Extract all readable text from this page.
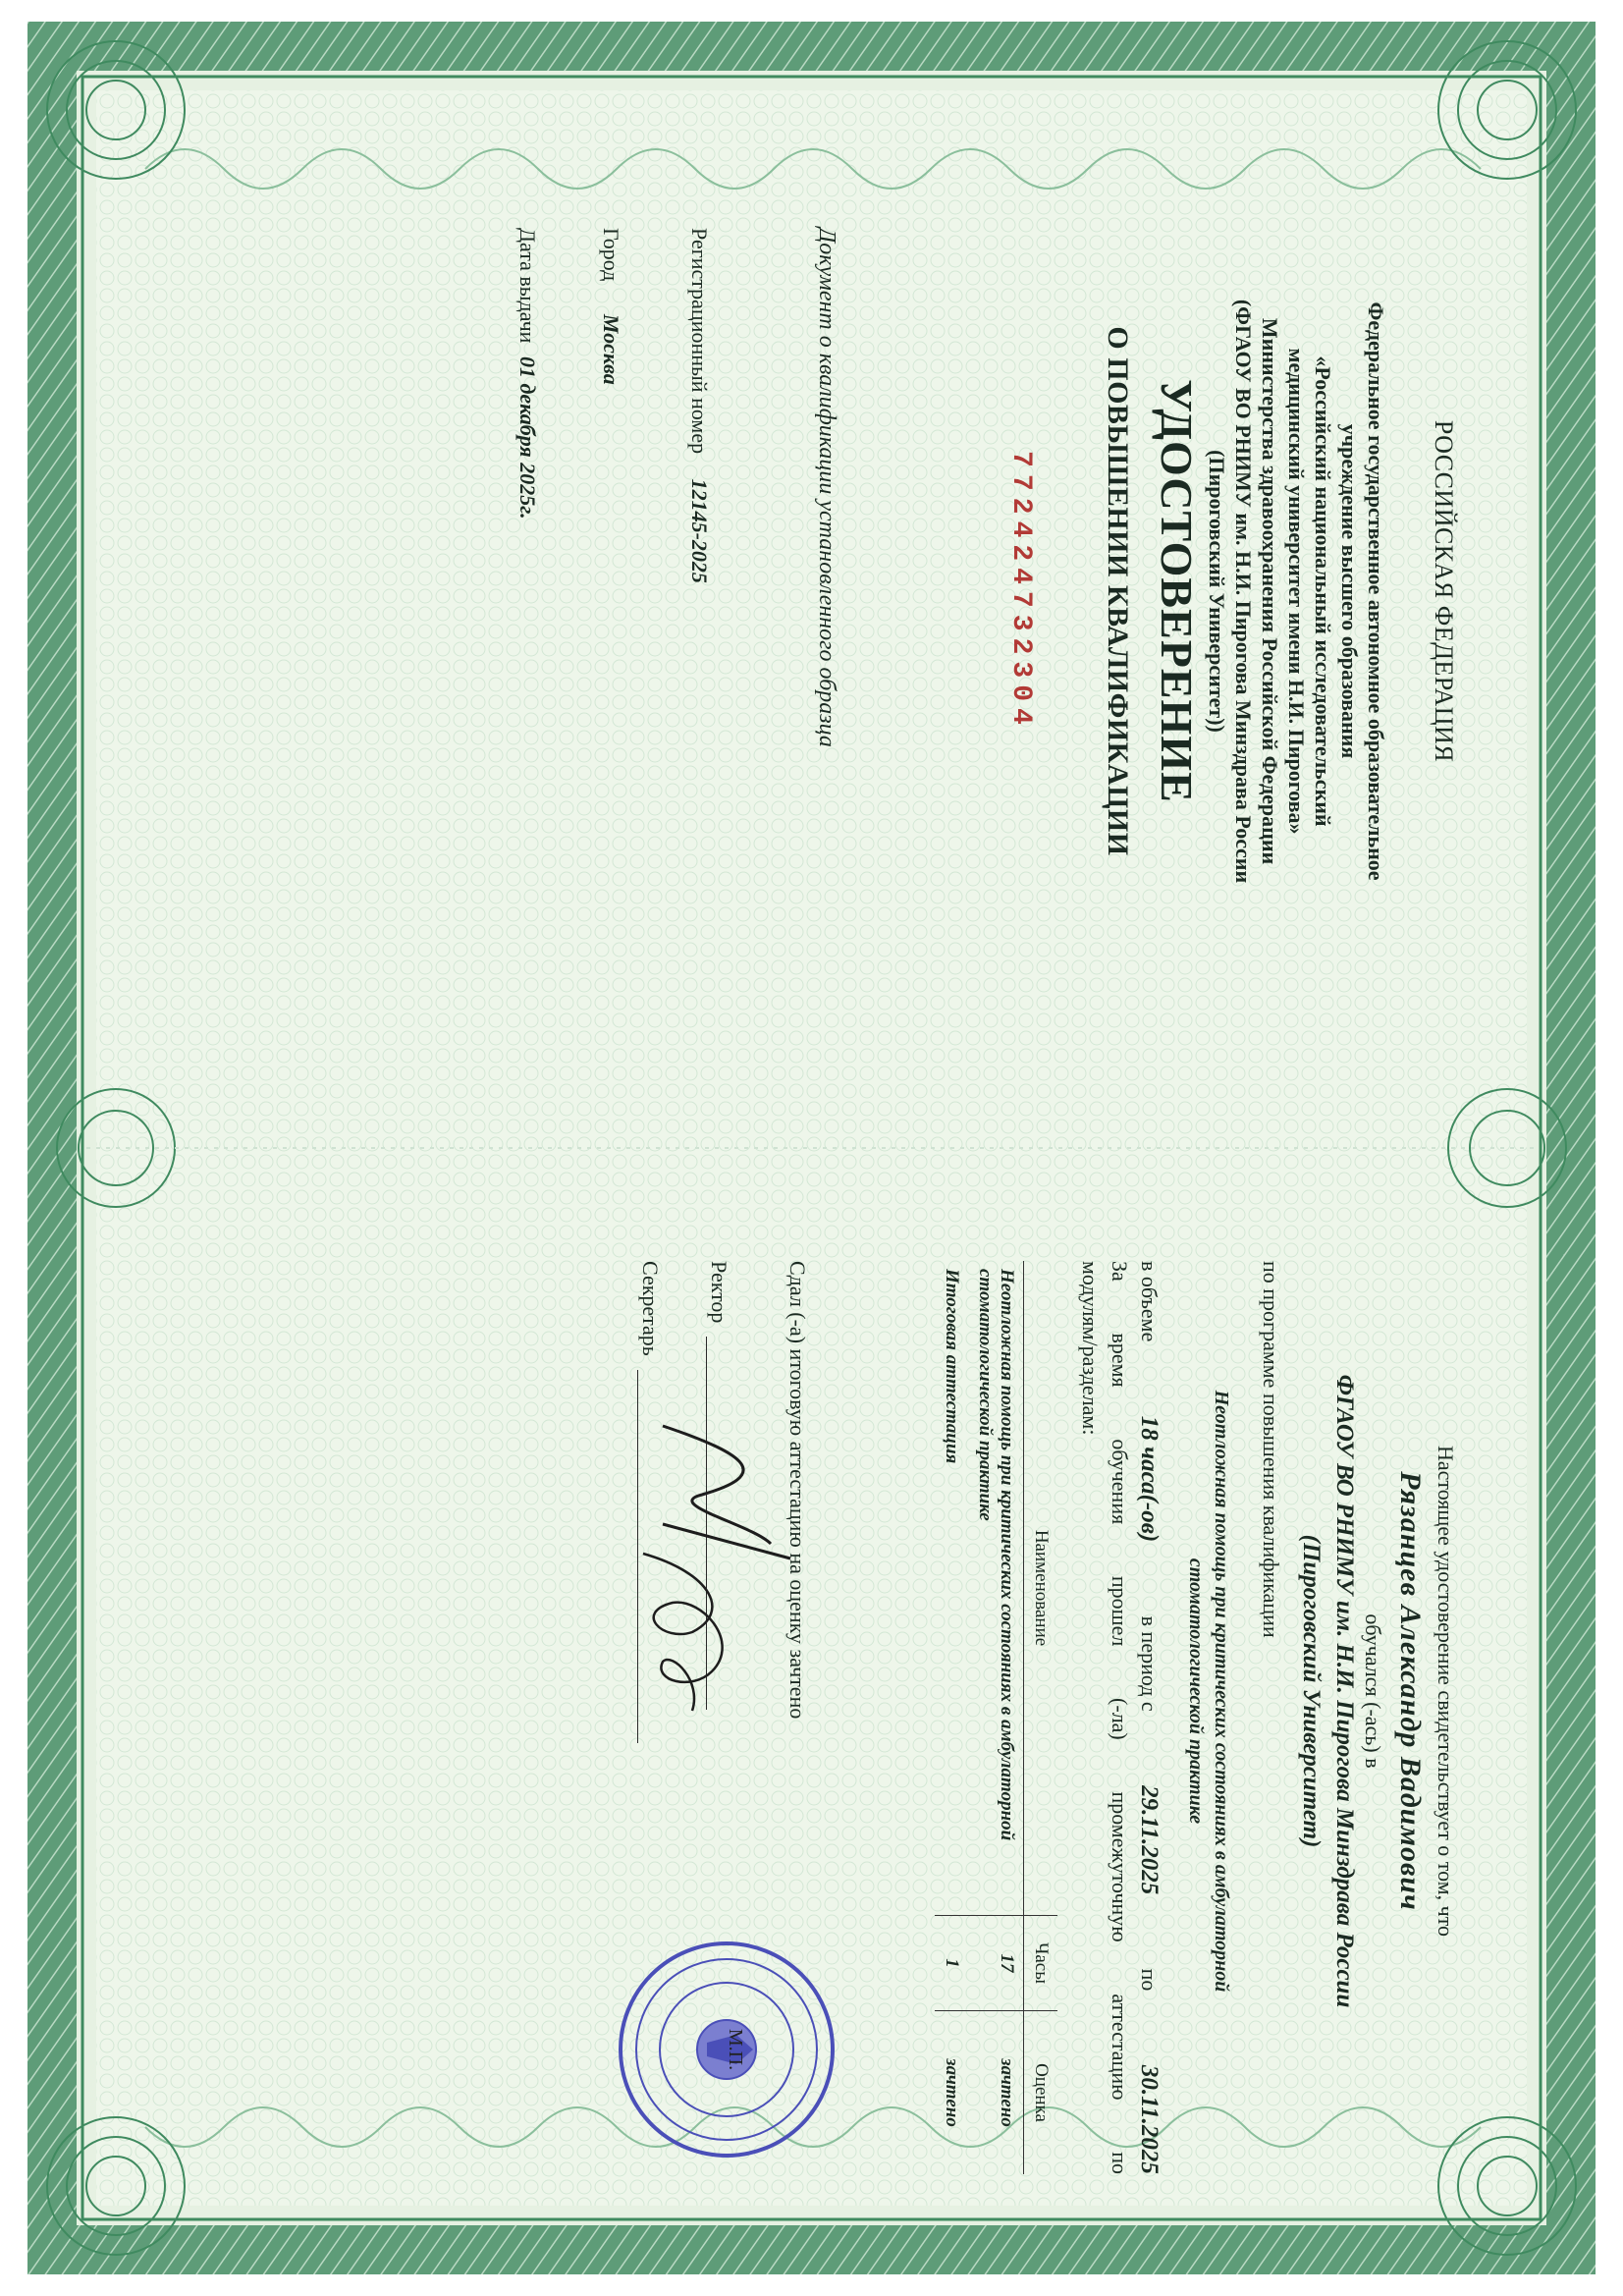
РОССИЙСКАЯ ФЕДЕРАЦИЯ
Федеральное государственное автономное образовательное
учреждение высшего образования
«Российский национальный исследовательский
медицинский университет имени Н.И. Пирогова»
Министерства здравоохранения Российской Федерации
(ФГАОУ ВО РНИМУ им. Н.И. Пирогова Минздрава России
(Пироговский Университет))
УДОСТОВЕРЕНИЕ
О ПОВЫШЕНИИ КВАЛИФИКАЦИИ
772424732304
Документ о квалификации установленного образца
Регистрационный номер 12145-2025
Город Москва
Дата выдачи 01 декабря 2025г.
Настоящее удостоверение свидетельствует о том, что
Рязанцев Александр Вадимович
обучался (-ась) в
ФГАОУ ВО РНИМУ им. Н.И. Пирогова Минздрава России
(Пироговский Университет)
по программе повышения квалификации
Неотложная помощь при критических состояниях в амбулаторной
стоматологической практике
в объеме
18 часа(-ов)
в период с
29.11.2025
по
30.11.2025
За время обучения прошел (-ла) промежуточную аттестацию по
модулям/разделам:
Наименование	Часы	Оценка
Неотложная помощь при критических состояниях в амбулаторной стоматологической практике	17	зачтено
Итоговая аттестация	1	зачтено
Сдал (-а) итоговую аттестацию на оценку зачтено
Ректор
Секретарь
М.П.
